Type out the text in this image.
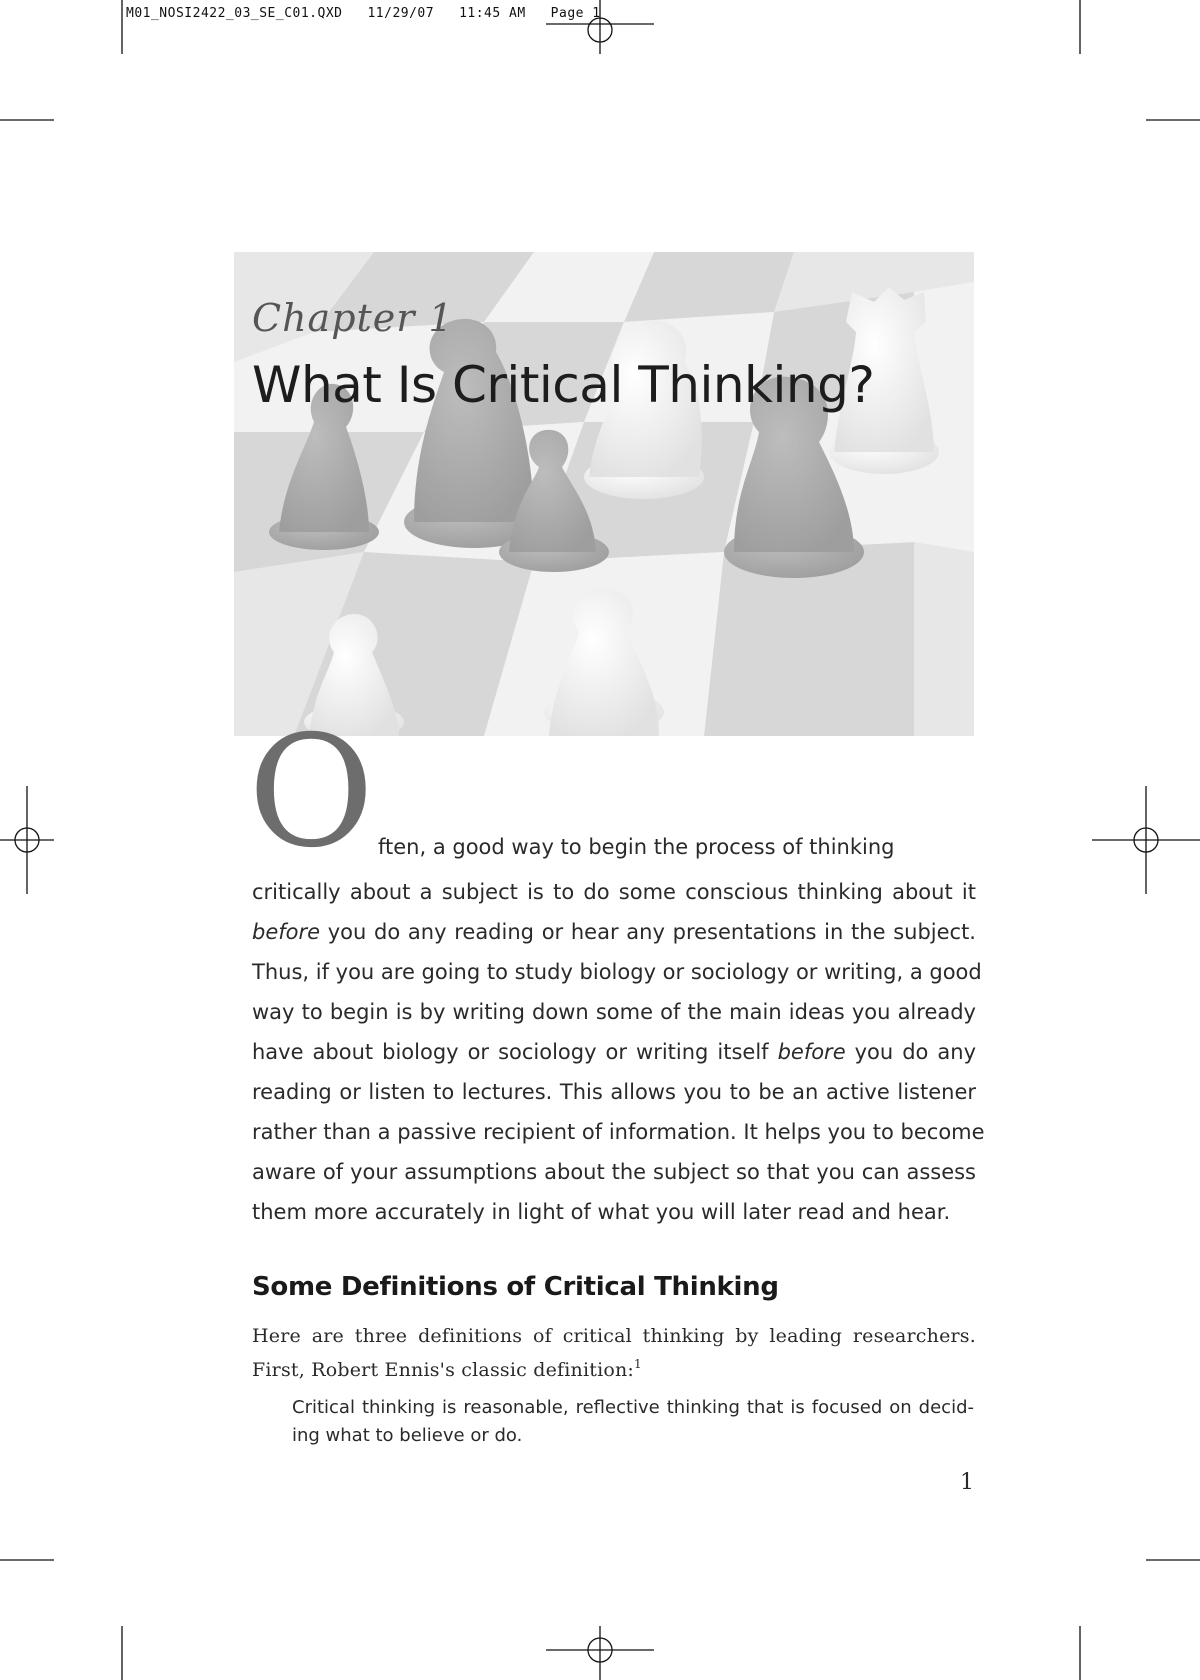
M01_NOSI2422_03_SE_C01.QXD   11/29/07   11:45 AM   Page 1
Chapter 1
What Is Critical Thinking?
O ften, a good way to begin the process of thinking
critically about a subject is to do some conscious thinking about it
before you do any reading or hear any presentations in the subject.
Thus, if you are going to study biology or sociology or writing, a good
way to begin is by writing down some of the main ideas you already
have about biology or sociology or writing itself before you do any
reading or listen to lectures. This allows you to be an active listener
rather than a passive recipient of information. It helps you to become
aware of your assumptions about the subject so that you can assess
them more accurately in light of what you will later read and hear.
Some Definitions of Critical Thinking
Here are three definitions of critical thinking by leading researchers.
First, Robert Ennis's classic definition:$^1$
Critical thinking is reasonable, reflective thinking that is focused on decid-
ing what to believe or do.
1
